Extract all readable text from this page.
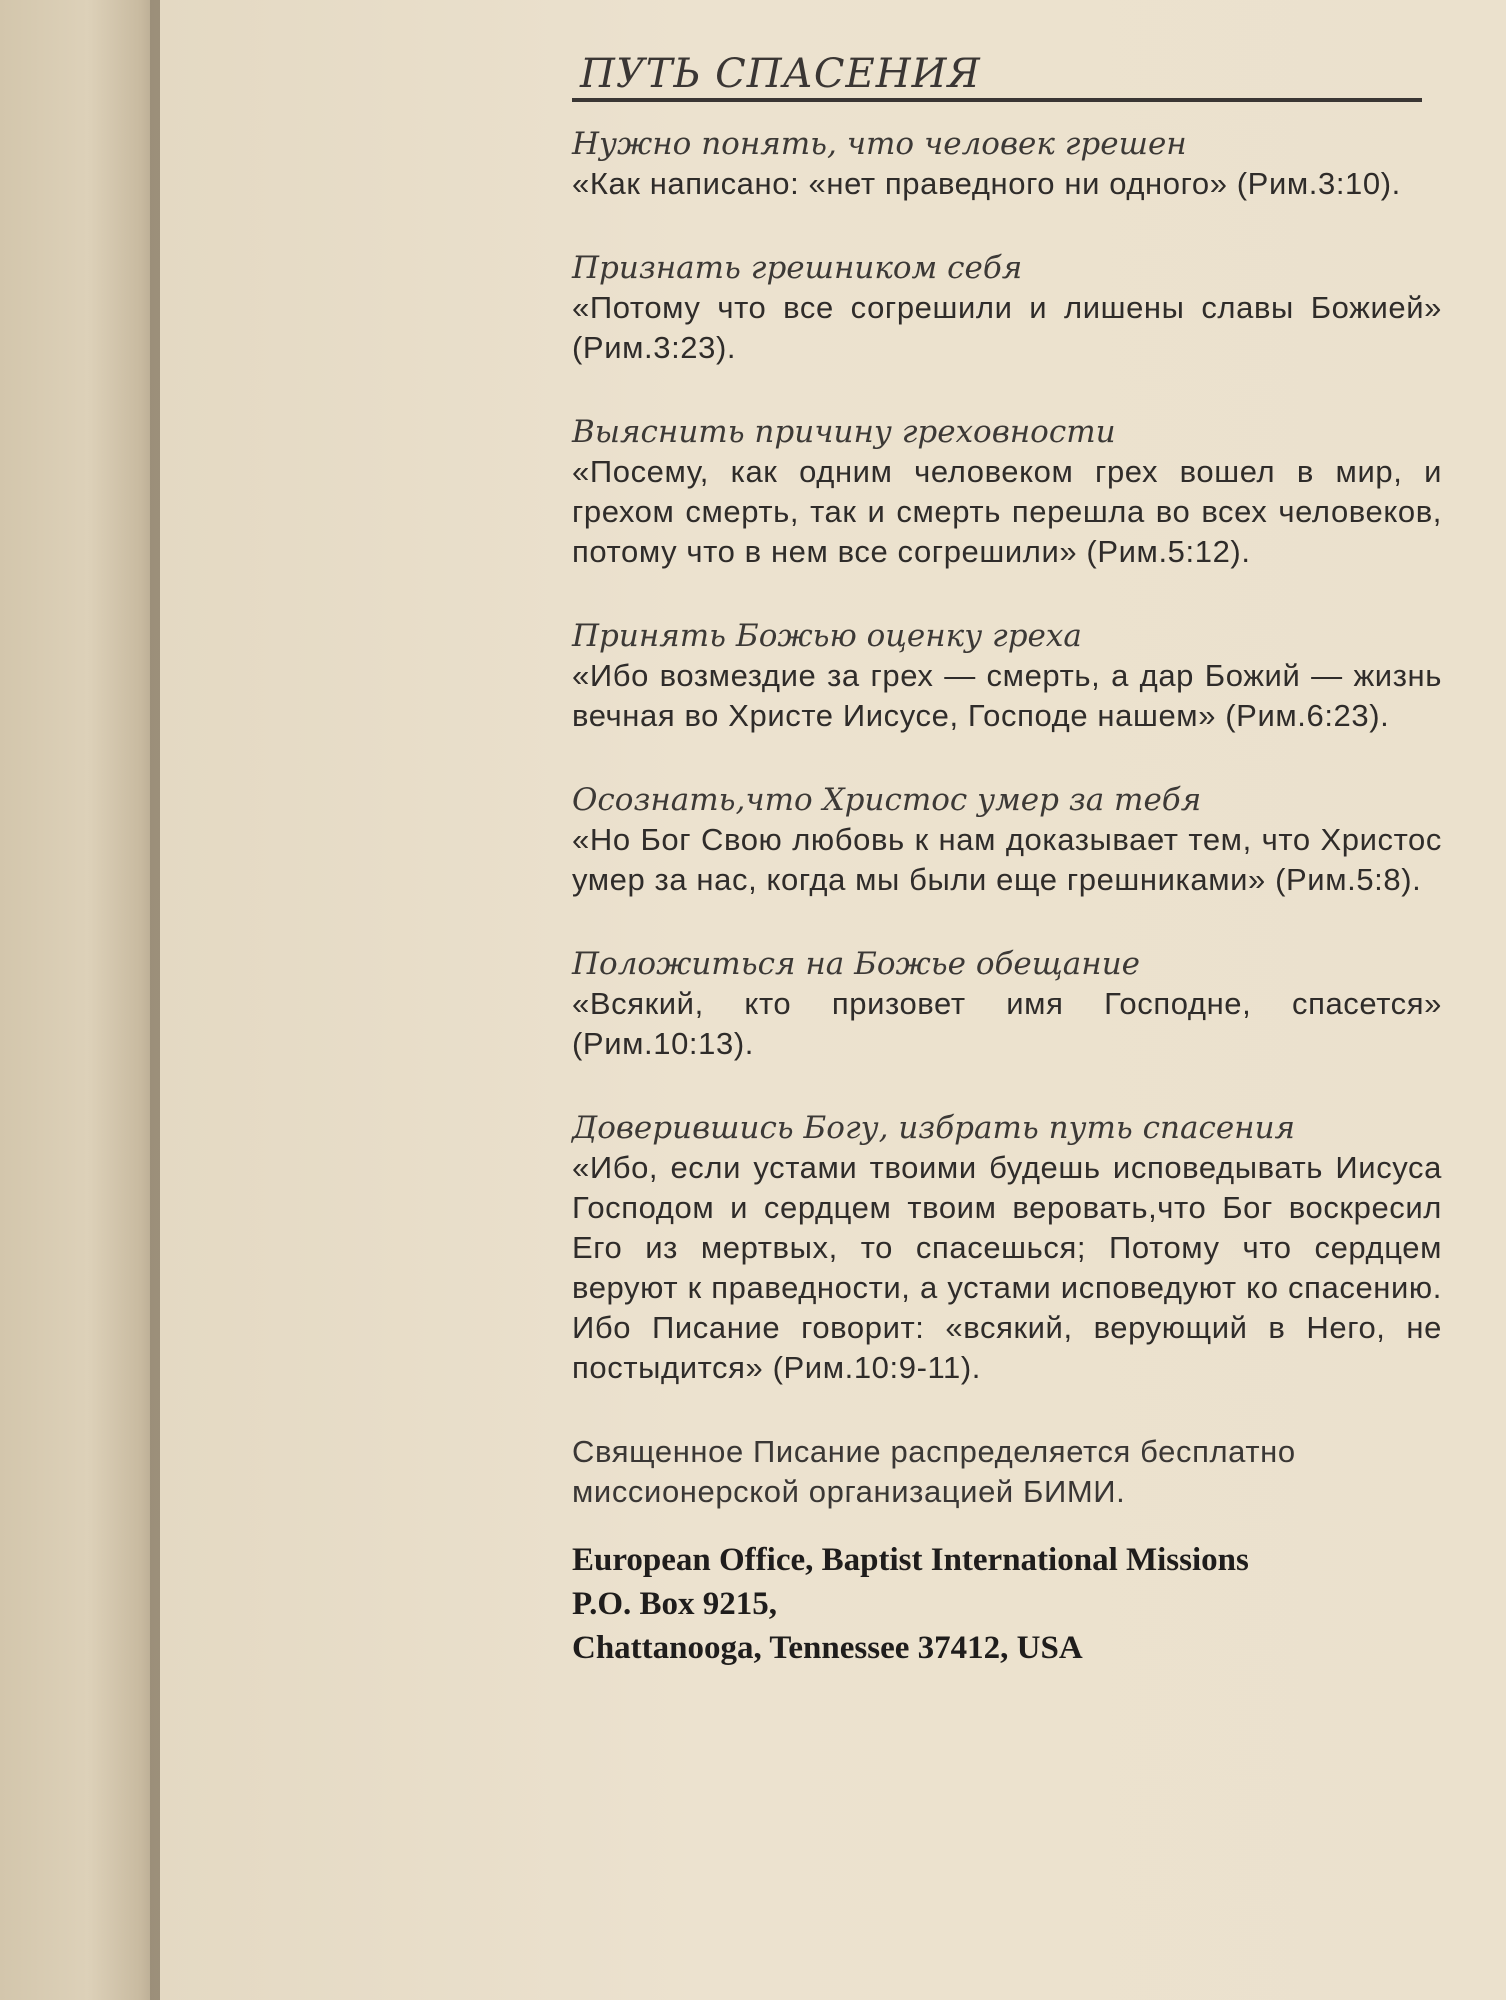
ПУТЬ СПАСЕНИЯ
Нужно понять, что человек грешен
«Как написано: «нет праведного ни одного» (Рим.3:10).
Признать грешником себя
«Потому что все согрешили и лишены славы Божией» (Рим.3:23).
Выяснить причину греховности
«Посему, как одним человеком грех вошел в мир, и грехом смерть, так и смерть перешла во всех человеков, потому что в нем все согрешили» (Рим.5:12).
Принять Божью оценку греха
«Ибо возмездие за грех — смерть, а дар Божий — жизнь вечная во Христе Иисусе, Господе нашем» (Рим.6:23).
Осознать,что Христос умер за тебя
«Но Бог Свою любовь к нам доказывает тем, что Христос умер за нас, когда мы были еще грешниками» (Рим.5:8).
Положиться на Божье обещание
«Всякий, кто призовет имя Господне, спасется» (Рим.10:13).
Доверившись Богу, избрать путь спасения
«Ибо, если устами твоими будешь исповедывать Иисуса Господом и сердцем твоим веровать,что Бог воскресил Его из мертвых, то спасешься; Потому что сердцем веруют к праведности, а устами исповедуют ко спасению. Ибо Писание говорит: «всякий, верующий в Него, не постыдится» (Рим.10:9-11).
Священное Писание распределяется бесплатно миссионерской организацией БИМИ.
European Office, Baptist International Missions
P.O. Box 9215,
Chattanooga, Tennessee 37412, USA
